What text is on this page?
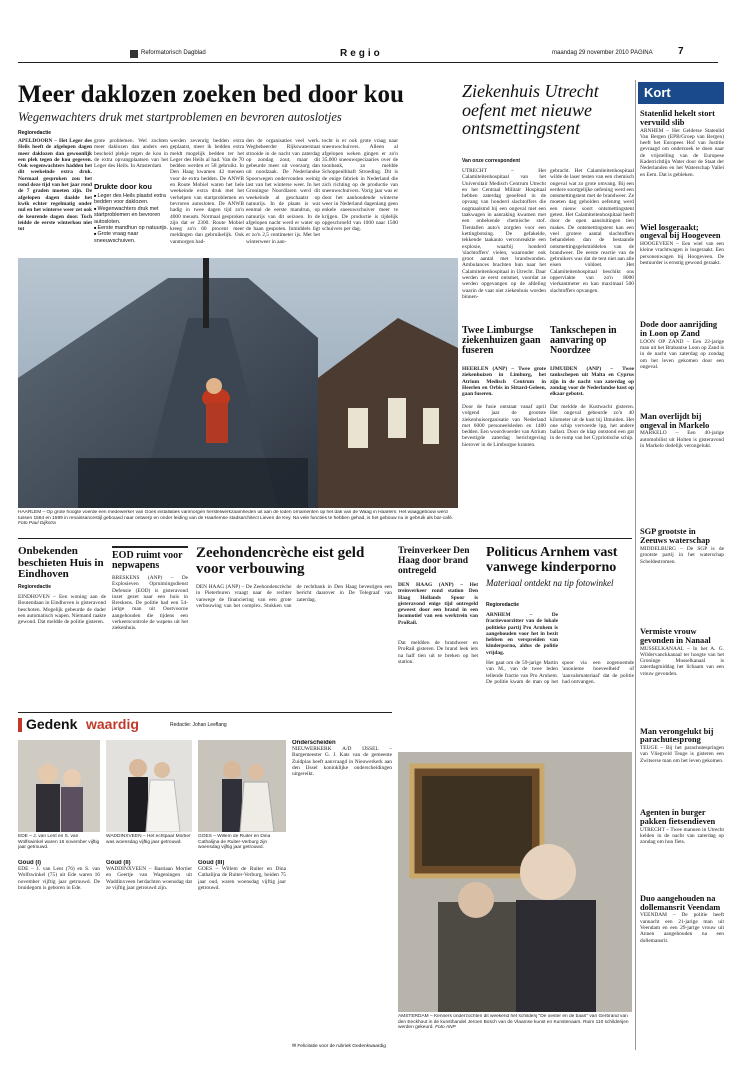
Reformatorisch Dagblad	Regio	maandag 29 november 2010 PAGINA	7
Meer daklozen zoeken bed door kou
Wegenwachters druk met startproblemen en bevroren autoslotjes
Regioredactie
APELDOORN – Het Leger des Heils heeft de afgelopen dagen meer daklozen dan gewoonlijk een plek tegen de kou gegeven. Ook wegenwachters hadden het dit weekeinde extra druk. Normaal gesproken zou het rond deze tijd van het jaar rond de 7 graden moeten zijn. De afgelopen dagen daalde het kwik echter regelmatig onder nul en het winterse weer zet ook de keurende dagen door. Toch leidde de eerste winterkou niet tot
grote problemen. Wel zochten meer daklozen dan anders een bescheid plekje tegen de kou in de extra opvangplaatsen van het Leger des Heils. In Amsterdam
Drukte door kou
■ Leger des Heils plaatst extra bedden voor daklozen.
■ Wegenwachters druk met startproblemen en bevroren autosloten.
■ Eerste mandhun op natuurijs.
■ Grote vraag naar sneeuwschuiven.
werden zevenrig bedden extra geplaatst, meer ik bedden extra meldt mogelijk bedden ter het Leger des Heils al had. Van de 70 bedden werden er 58 gebruikt. In Den Haag kwamen 42 mensen voor de extra bedden. De ANWB en Route Mobiel waren het hele weekeinde extra druk met het verhelpen van startproblemen en bevroren autosloten. De ANWB hadig in twee dagen tijd zo'n 4000 meusm. Normaal gesproken zijn dat er 2300. Route Mobiel kreeg zo'n 60 procent meer meldingen dan gebruikelijk. Ook vanmorgen had-
den de organisaties veel werk. Wegbeheerder Rijkswaterstaat strooide in de nacht van zaterdag op zondag zout, maar dit gebeurde meer uit voorzorg dan uit noodzaak. De Nederlandse Spoorwegen ondervonden weinig last van het winterse weer. In het Groningse Noordlaren werd dit weekeinde al geschaatst op natuurijs. In de plaats is wat eenmal de eerste mandrun, op natuurijs van dit seizoen. In de afgelopen nacht werd er water op de baan gespoten. Inmiddels ligt er zo'n 2,5 centimeter ijs. Met het winterweer in aan-
tocht is er ook grote vraag naar sneeuwschuivers. Alleen al afgelopen weken gingen er zo'n 35.000 sneeuwspeciaaries over de toonbank, zo meldde Schoppenlhhaft Stroeding. Dit is de enige fabriek in Nederland die zich richting op de productie van sneeuwschuivers. Vorig jaar was er door het aanhoudende winterse weer in Nederland dagenlang geen enkele sneeuwschuiver meer te krijgen. De productie is tijdelijk opgeschroefd van 1000 naar 1500 schuivers per dag.
HAARLEM – Op grote hoogte voerde een medewerker van Goes installaties vanmorgen herstelwerkzaamheden uit aan de loden ornamenten op het dak van de Waag in Haarlem. Het waaggebouw werd tussen 1584 en 1599 in renaissancestijl gebouwd naar ontwerp en onder leiding van de Haarlemse stadsarchitect Lieven de Key. Na vele functies te hebben gehad, is het gebouw nu in gebruik als bar-café. Foto Paul Dijkstra
Ziekenhuis Utrecht oefent met nieuwe ontsmettingstent
Van onze correspondent
UTRECHT – Het Calamiteitenhospitaal van het Universitair Medisch Centrum Utrecht en het Centraal Militair Hospitaal hebben zaterdag geoefend in de opvang van honderd slachtoffers die nogmaalsmd bij een ongeval met een taakwagen in aanraking kwamen met een onbekende chemische stof. Tientallen auto's zorgden voor een kettingbotsing. De gefakelde, tekkende taakauto verconreaktie een explosie, waarbij honderd 'slachtoffers' vielen, waaronder ook groot aantal met brandwonden. Ambulances brachten hun naar het Calamiteitenhospitaal in Utrecht. Daar werden ze eerst ontsmet, voordat ze werden opgevangen op de afdeling waarin de vaat niet ziekenhuis worden binnen-
gebracht. Het Calamiteitenhospitaal wilde de laser testen van een chemisch ongeval wat zo grote omvang. Bij een eerdere soortgelijke oefening werd een ontsmettingstent met de brandweer. Ze moeten dag geholden oefenmg werd een nieuw soort ontsmettingstent getest. Het Calamiteitenhospitaal heeft door de open aansluitingen tien makes. De ontsmettingstent kan een veel grotere aantal slachtoffers behandelen dan de bestaande ontsmettingsgelsmiddelen van de brandweer. De eerste reactie van de gebruikers was dat de tent niet aan alle eisen voldoet. Het Calamiteitenhospitaal beschikt ons opperviakte van zo'n 8000 vierkantmeter en kan maximaal 500 slachtoffers opvangen.
Twee Limburgse ziekenhuizen gaan fuseren
HEERLEN (ANP) – Twee grote ziekenhuizen in Limburg, het Atrium Medisch Centrum in Heerlen en Orbis in Sittard-Geleen, gaan fuseren.
Door de fusie ontstaat vanaf april volgend jaar de grootste ziekenhuisorganisatie van Nederland met 6000 personeelsleden en 1400 bedden. Een woordvoerder van Atrium bevestigde zaterdag berichtgeving hierover in de Limburgse kranten.
Tankschepen in aanvaring op Noordzee
IJMUIDEN (ANP) – Twee tankschepen uit Malta en Cyprus zijn in de nacht van zaterdag op zondag voor de Nederlandse kust op elkaar gebotst.
Dat meldde de Kustwacht gisteren. Het ongeval gebeurde zo'n 40 kilometer uit de kust bij IJmuiden. Het one schip vervoerde lpg, het andere ballast. Door de klap ontstond een gat in de romp van het Cypriotische schip.
Kort
Statenlid hekelt stort vervuild slib
ARNHEM – Het Gelderse Statenlid Van Bergen (EPB/Groep van Bergen) heeft het Europees Hof van Justitie gevraagd om onderzoek te doen naar de vrijstelling van de Europese Kaderrichtlijn Water door de Staat der Nederlanden en het Waterschap Vallei en Eem. Dat is gebleken.
Wiel losgeraakt; ongeval bij Hoogeveen
HOOGEVEEN – Een wiel van een kleine vrachtwagen is losgeraakt. Een personenwagen bij Hoogeveen. De bestuurder is ernstig gewond geraakt.
Dode door aanrijding in Loon op Zand
LOON OP ZAND – Een 22-jarige man uit het Brabantse Loon op Zand is in de nacht van zaterdag op zondag om het leven gekomen door een ongeval.
Man overlijdt bij ongeval in Markelo
MARKELO – Een 40-jarige automobilist uit Holten is gisteravond in Markelo dodelijk verongelukt.
SGP grootste in Zeeuws waterschap
MIDDELBURG – De SGP is de grootste partij in het waterschap Scheldestromen.
Vermiste vrouw gevonden in Nanaal
MUSSELKANAAL – In het A. G. Wildervanckkanaal ter hoogte van het Groninge Musselkanaal is zaterdagmiddag het lichaam van een vrouw gevonden.
Man verongelukt bij parachutesprong
TEUGE – Bij het parachutespringen van Vliegveld Teuge is gisteren een Zwitserse man om het leven gekomen.
Agenten in burger pakken fietsendieven
UTRECHT – Twee mannen in Utrecht kelden in de nacht van zaterdag op zondag om hun fiets.
Duo aangehouden na dollemansrit Veendam
VEENDAM – De politie heeft vannacht een 21-jarige man uit Veendam en een 29-jarige vrouw uit Annen aangehouden na een dollemansrit.
Onbekenden beschieten Huis in Eindhoven
Regioredactie
EINDHOVEN – Een woning aan de Boutendaan in Eindhoven is gisteravond beschoten. Mogelijk gebeurde de dader een automatisch wapen. Niemand raakte gewond. Dat meldde de politie gisteren.
EOD ruimt voor nepwapens
BRESKENS (ANP) – De Explosieven Opruimingsdienst Defensie (EOD) is gisteravond inzet gezet naar een huis in Breskens. De politie had een 54-jarige man uit Oostvoorne aangehouden die tijdens een verkeerscontrole de wapens uit het ziekenhuis.
Zeehondencrèche eist geld voor verbouwing
DEN HAAG (ANP) – De Zeehondencrèche in Pieterburen vraagt naar de rechter vanwege de financiering van een grote verbouwing van het complex. Stukken van de rechtbank in Den Haag bevestigen een bericht daarover in De Telegraaf van zaterdag.
Treinverkeer Den Haag door brand ontregeld
DEN HAAG (ANP) – Het treinverkeer rond station Den Haag Hollands Spoor is gisteravond enige tijd ontregeld geweest door een brand in een locomotief van een werktrein van ProRail.
Dat meldden de brandweer en ProRail gisteren. De brand leek iets na half tien uit te breken op het station.
Politicus Arnhem vast vanwege kinderporno
Materiaal ontdekt na tip fotowinkel
Regioredactie
ARNHEM – De fractievoorzitter van de lokale politieke partij Pro Arnhem is aangehouden voor het in bezit hebben en verspreiden van kinderporno, aldus de politie vrijdag.
Het gaat om de 59-jarige Martin van M., van de twee leden tellende fractie van Pro Arnhem. De politie kwam de man op het spoor via een zogenoemde 'anonieme hoeveelheid' of 'aanvalsmateriaal' dat de politie had ontvangen.
Gedenk waardig	Redactie: Johan Leeflang
EDE – J. van Lent en S. van Wolfswinkel waren 16 november vijftig jaar getrouwd.
WADDINXVEEN – Het echtpaar Mortier was woensdag vijftig jaar getrouwd.
GOES – Willem de Ruiter en Dina Cathalijna de Ruiter-Verburg zijn woensdag vijftig jaar getrouwd.
Goud (I)
EDE – J. van Lent (76) en S. van Wolfswinkel (75) uit Ede waren 16 november vijftig jaar getrouwd. De bruidegom is geboren in Ede.
Goud (II)
WADDINXVEEN – Bastiaan Mortier en Geertje van Wageningen uit Waddinxveen herdachten woensdag dat ze vijftig jaar getrouwd zijn.
Goud (III)
GOES – Willem de Ruiter en Dina Cathalijna de Ruiter-Verburg, beiden 75 jaar oud, waren woensdag vijftig jaar getrouwd.
Onderscheiden
NIEUWERKERK A/D IJSSEL – Burgemeester G. J. Kats van de gemeente Zuidplas heeft aanvraagd in Nieuwerkerk aan den IJssel koninklijke onderscheidingen uitgereikt.
✉ Felicitatie voor de rubriek Gedenkwaardig
AMSTERDAM – Kenners onderzochten dit weekend het schilderij "De oester en de baan" van Gerbrand van den Eeckhout in de kunsthandel Jeroen Bosch van de Vlaamse kunst en Kunstenaars. Ruim 110 schilderijen werden gekeurd. Foto ANP
